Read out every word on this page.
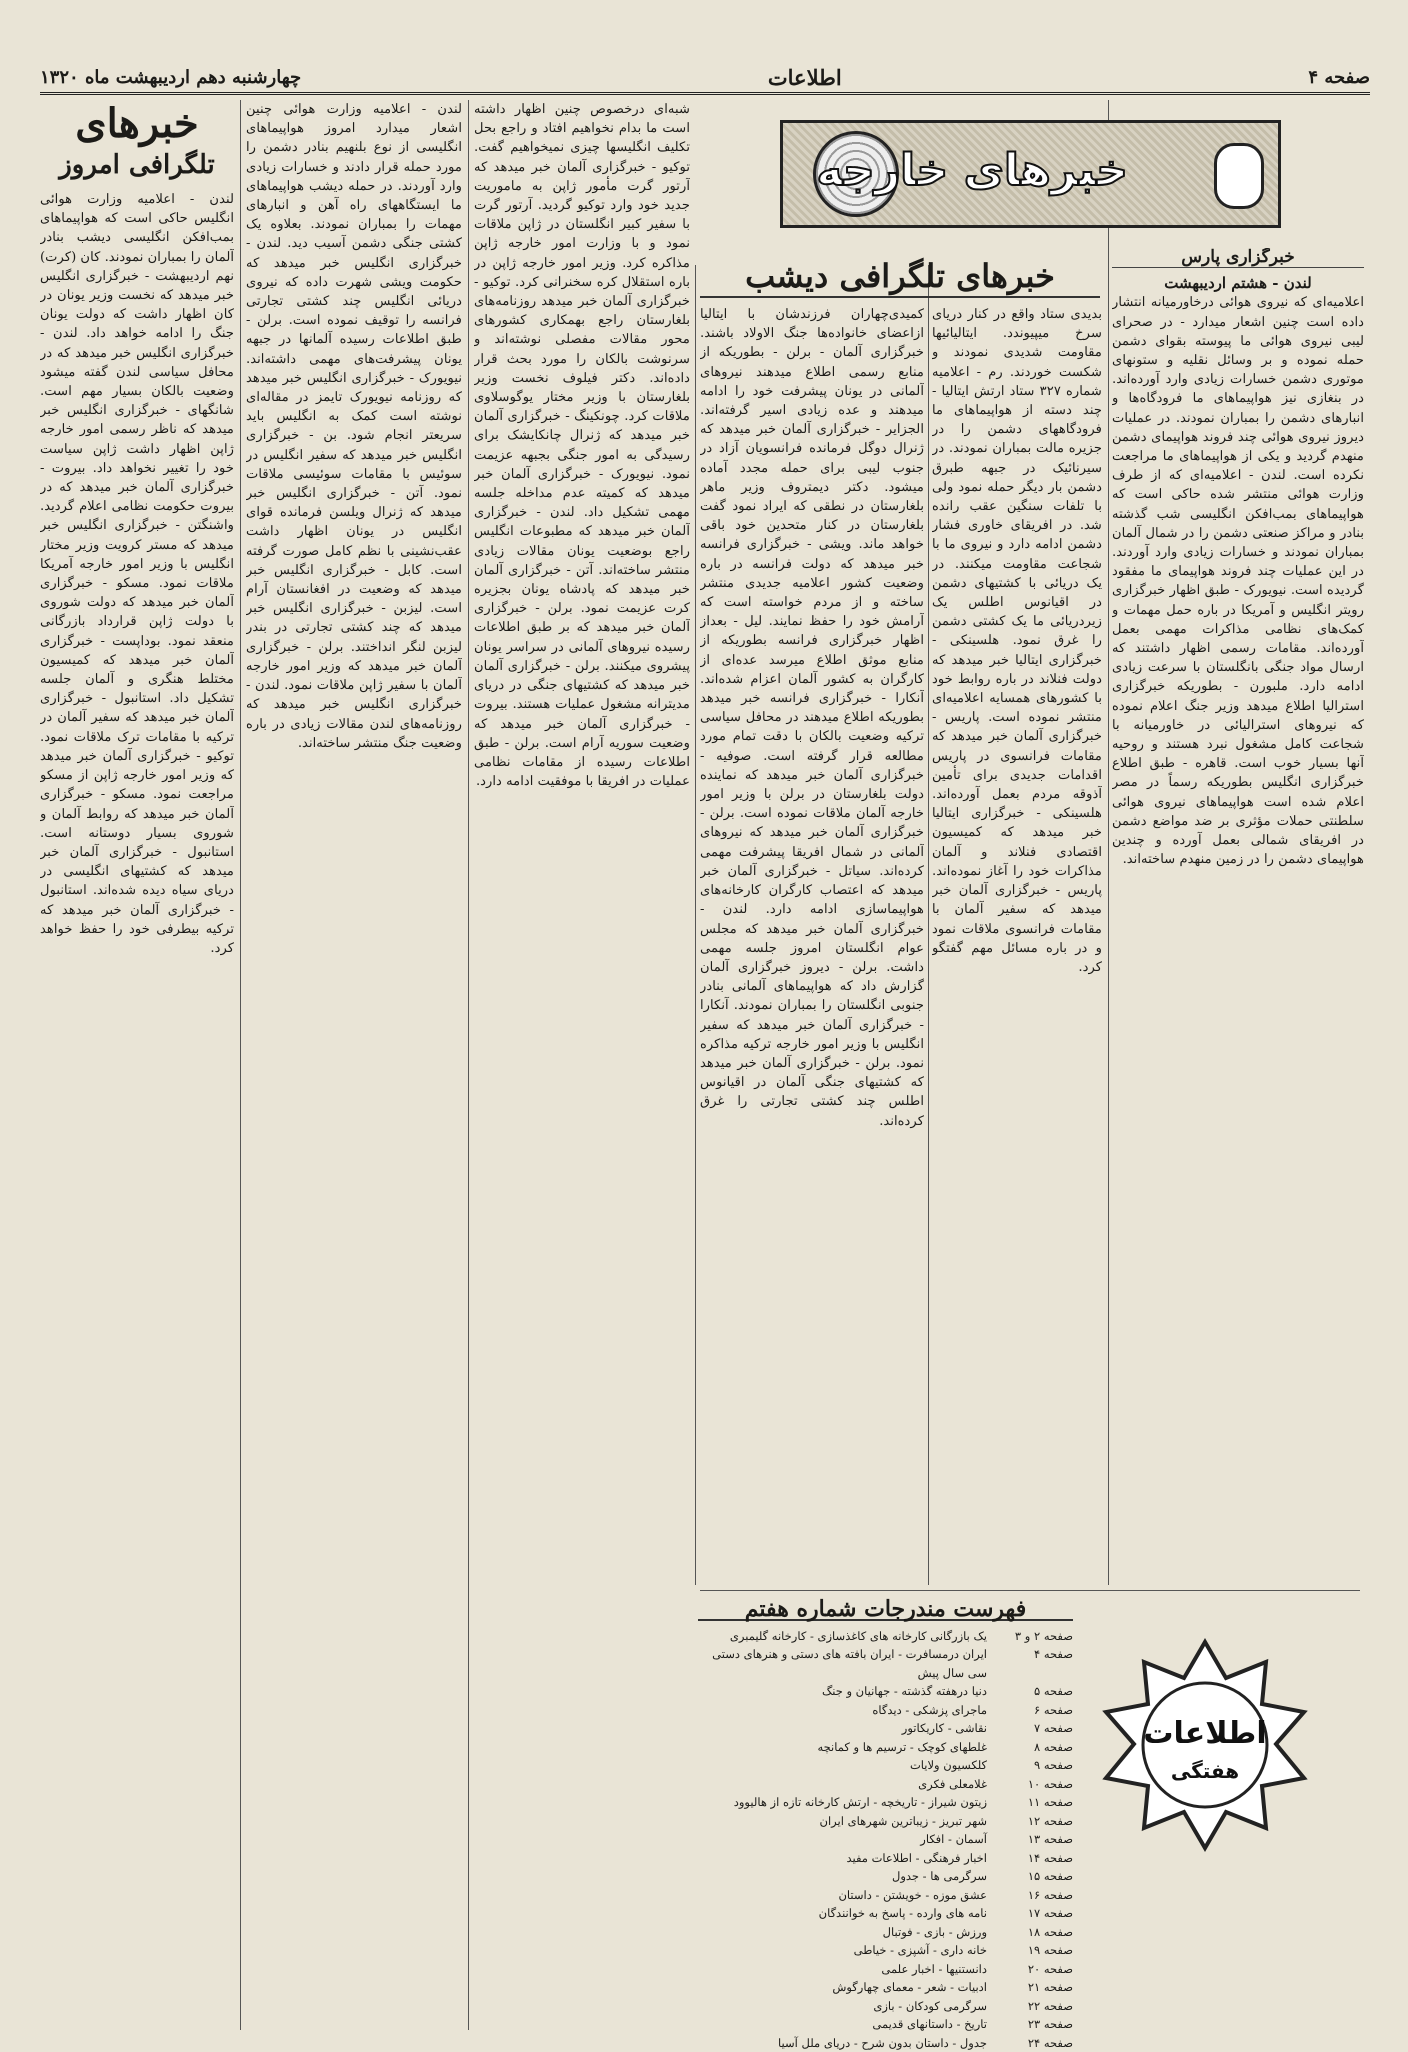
صفحه ۴
اطلاعات
چهارشنبه دهم اردیبهشت ماه ۱۳۲۰
خبرهای خارجه
خبرگزاری پارس
لندن - هشتم اردیبهشت

اعلامیه‌ای که نیروی هوائی درخاورمیانه انتشار داده است چنین اشعار میدارد - در صحرای لیبی نیروی هوائی ما پیوسته بقوای دشمن حمله نموده و بر وسائل نقلیه و ستونهای موتوری دشمن خسارات زیادی وارد آورده‌اند. در بنغازی نیز هواپیماهای ما فرودگاه‌ها و انبارهای دشمن را بمباران نمودند. در عملیات دیروز نیروی هوائی چند فروند هواپیمای دشمن منهدم گردید و یکی از هواپیماهای ما مراجعت نکرده است. لندن - اعلامیه‌ای که از طرف وزارت هوائی منتشر شده حاکی است که هواپیماهای بمب‌افکن انگلیسی شب گذشته بنادر و مراکز صنعتی دشمن را در شمال آلمان بمباران نمودند و خسارات زیادی وارد آوردند. در این عملیات چند فروند هواپیمای ما مفقود گردیده است. نیویورک - طبق اظهار خبرگزاری رویتر انگلیس و آمریکا در باره حمل مهمات و کمک‌های نظامی مذاکرات مهمی بعمل آورده‌اند. مقامات رسمی اظهار داشتند که ارسال مواد جنگی بانگلستان با سرعت زیادی ادامه دارد. ملبورن - بطوریکه خبرگزاری استرالیا اطلاع میدهد وزیر جنگ اعلام نموده که نیروهای استرالیائی در خاورمیانه با شجاعت کامل مشغول نبرد هستند و روحیه آنها بسیار خوب است. قاهره - طبق اطلاع خبرگزاری انگلیس بطوریکه رسماً در مصر اعلام شده است هواپیماهای نیروی هوائی سلطنتی حملات مؤثری بر ضد مواضع دشمن در افریقای شمالی بعمل آورده و چندین هواپیمای دشمن را در زمین منهدم ساخته‌اند.

خبرهای تلگرافی دیشب

بدیدی ستاد واقع در کنار دریای سرخ میپیوندد. ایتالیائیها مقاومت شدیدی نمودند و شکست خوردند. رم - اعلامیه شماره ۳۲۷ ستاد ارتش ایتالیا - چند دسته از هواپیماهای ما فرودگاههای دشمن را در جزیره مالت بمباران نمودند. در سیرنائیک در جبهه طبرق دشمن بار دیگر حمله نمود ولی با تلفات سنگین عقب رانده شد. در افریقای خاوری فشار دشمن ادامه دارد و نیروی ما با شجاعت مقاومت میکنند. در یک دریائی با کشتیهای دشمن در اقیانوس اطلس یک زیردریائی ما یک کشتی دشمن را غرق نمود. هلسینکی - خبرگزاری ایتالیا خبر میدهد که دولت فنلاند در باره روابط خود با کشورهای همسایه اعلامیه‌ای منتشر نموده است. پاریس - خبرگزاری آلمان خبر میدهد که مقامات فرانسوی در پاریس اقدامات جدیدی برای تأمین آذوقه مردم بعمل آورده‌اند. هلسینکی - خبرگزاری ایتالیا خبر میدهد که کمیسیون اقتصادی فنلاند و آلمان مذاکرات خود را آغاز نموده‌اند. پاریس - خبرگزاری آلمان خبر میدهد که سفیر آلمان با مقامات فرانسوی ملاقات نمود و در باره مسائل مهم گفتگو کرد.

کمیدی‌چهاران فرزندشان با ایتالیا ازاعضای خانواده‌ها جنگ الاولاد باشند. خبرگزاری آلمان - برلن - بطوریکه از منابع رسمی اطلاع میدهند نیروهای آلمانی در یونان پیشرفت خود را ادامه میدهند و عده زیادی اسیر گرفته‌اند. الجزایر - خبرگزاری آلمان خبر میدهد که ژنرال دوگل فرمانده فرانسویان آزاد در جنوب لیبی برای حمله مجدد آماده میشود. دکتر دیمتروف وزیر ماهر بلغارستان در نطقی که ایراد نمود گفت بلغارستان در کنار متحدین خود باقی خواهد ماند. ویشی - خبرگزاری فرانسه خبر میدهد که دولت فرانسه در باره وضعیت کشور اعلامیه جدیدی منتشر ساخته و از مردم خواسته است که آرامش خود را حفظ نمایند. لیل - بعداز اظهار خبرگزاری فرانسه بطوریکه از منابع موثق اطلاع میرسد عده‌ای از کارگران به کشور آلمان اعزام شده‌اند. آنکارا - خبرگزاری فرانسه خبر میدهد بطوریکه اطلاع میدهند در محافل سیاسی ترکیه وضعیت بالکان با دقت تمام مورد مطالعه قرار گرفته است. صوفیه - خبرگزاری آلمان خبر میدهد که نماینده دولت بلغارستان در برلن با وزیر امور خارجه آلمان ملاقات نموده است. برلن - خبرگزاری آلمان خبر میدهد که نیروهای آلمانی در شمال افریقا پیشرفت مهمی کرده‌اند. سیاتل - خبرگزاری آلمان خبر میدهد که اعتصاب کارگران کارخانه‌های هواپیماسازی ادامه دارد. لندن - خبرگزاری آلمان خبر میدهد که مجلس عوام انگلستان امروز جلسه مهمی داشت. برلن - دیروز خبرگزاری آلمان گزارش داد که هواپیماهای آلمانی بنادر جنوبی انگلستان را بمباران نمودند. آنکارا - خبرگزاری آلمان خبر میدهد که سفیر انگلیس با وزیر امور خارجه ترکیه مذاکره نمود. برلن - خبرگزاری آلمان خبر میدهد که کشتیهای جنگی آلمان در اقیانوس اطلس چند کشتی تجارتی را غرق کرده‌اند.

شبه‌ای درخصوص چنین اظهار داشته است ما بدام نخواهیم افتاد و راجع بحل تکلیف انگلیسها چیزی نمیخواهیم گفت. توکیو - خبرگزاری آلمان خبر میدهد که آرتور گرت مأمور ژاپن به ماموریت جدید خود وارد توکیو گردید. آرتور گرت با سفیر کبیر انگلستان در ژاپن ملاقات نمود و با وزارت امور خارجه ژاپن مذاکره کرد. وزیر امور خارجه ژاپن در باره استقلال کره سخنرانی کرد. توکیو - خبرگزاری آلمان خبر میدهد روزنامه‌های بلغارستان راجع بهمکاری کشورهای محور مقالات مفصلی نوشته‌اند و سرنوشت بالکان را مورد بحث قرار داده‌اند. دکتر فیلوف نخست وزیر بلغارستان با وزیر مختار یوگوسلاوی ملاقات کرد. چونکینگ - خبرگزاری آلمان خبر میدهد که ژنرال چانکایشک برای رسیدگی به امور جنگی بجبهه عزیمت نمود. نیویورک - خبرگزاری آلمان خبر میدهد که کمیته عدم مداخله جلسه مهمی تشکیل داد. لندن - خبرگزاری آلمان خبر میدهد که مطبوعات انگلیس راجع بوضعیت یونان مقالات زیادی منتشر ساخته‌اند. آتن - خبرگزاری آلمان خبر میدهد که پادشاه یونان بجزیره کرت عزیمت نمود. برلن - خبرگزاری آلمان خبر میدهد که بر طبق اطلاعات رسیده نیروهای آلمانی در سراسر یونان پیشروی میکنند. برلن - خبرگزاری آلمان خبر میدهد که کشتیهای جنگی در دریای مدیترانه مشغول عملیات هستند. بیروت - خبرگزاری آلمان خبر میدهد که وضعیت سوریه آرام است. برلن - طبق اطلاعات رسیده از مقامات نظامی عملیات در افریقا با موفقیت ادامه دارد.

لندن - اعلامیه وزارت هوائی چنین اشعار میدارد امروز هواپیماهای انگلیسی از نوع بلنهیم بنادر دشمن را مورد حمله قرار دادند و خسارات زیادی وارد آوردند. در حمله دیشب هواپیماهای ما ایستگاههای راه آهن و انبارهای مهمات را بمباران نمودند. بعلاوه یک کشتی جنگی دشمن آسیب دید. لندن - خبرگزاری انگلیس خبر میدهد که حکومت ویشی شهرت داده که نیروی دریائی انگلیس چند کشتی تجارتی فرانسه را توقیف نموده است. برلن - طبق اطلاعات رسیده آلمانها در جبهه یونان پیشرفت‌های مهمی داشته‌اند. نیویورک - خبرگزاری انگلیس خبر میدهد که روزنامه نیویورک تایمز در مقاله‌ای نوشته است کمک به انگلیس باید سریعتر انجام شود. بن - خبرگزاری انگلیس خبر میدهد که سفیر انگلیس در سوئیس با مقامات سوئیسی ملاقات نمود. آتن - خبرگزاری انگلیس خبر میدهد که ژنرال ویلسن فرمانده قوای انگلیس در یونان اظهار داشت عقب‌نشینی با نظم کامل صورت گرفته است. کابل - خبرگزاری انگلیس خبر میدهد که وضعیت در افغانستان آرام است. لیزبن - خبرگزاری انگلیس خبر میدهد که چند کشتی تجارتی در بندر لیزبن لنگر انداختند. برلن - خبرگزاری آلمان خبر میدهد که وزیر امور خارجه آلمان با سفیر ژاپن ملاقات نمود. لندن - خبرگزاری انگلیس خبر میدهد که روزنامه‌های لندن مقالات زیادی در باره وضعیت جنگ منتشر ساخته‌اند.

خبرهای
تلگرافی امروز

لندن - اعلامیه وزارت هوائی انگلیس حاکی است که هواپیماهای بمب‌افکن انگلیسی دیشب بنادر آلمان را بمباران نمودند. کان (کرت) نهم اردیبهشت - خبرگزاری انگلیس خبر میدهد که نخست وزیر یونان در کان اظهار داشت که دولت یونان جنگ را ادامه خواهد داد. لندن - خبرگزاری انگلیس خبر میدهد که در محافل سیاسی لندن گفته میشود وضعیت بالکان بسیار مهم است. شانگهای - خبرگزاری انگلیس خبر میدهد که ناظر رسمی امور خارجه ژاپن اظهار داشت ژاپن سیاست خود را تغییر نخواهد داد. بیروت - خبرگزاری آلمان خبر میدهد که در بیروت حکومت نظامی اعلام گردید. واشنگتن - خبرگزاری انگلیس خبر میدهد که مستر کرویت وزیر مختار انگلیس با وزیر امور خارجه آمریکا ملاقات نمود. مسکو - خبرگزاری آلمان خبر میدهد که دولت شوروی با دولت ژاپن قرارداد بازرگانی منعقد نمود. بوداپست - خبرگزاری آلمان خبر میدهد که کمیسیون مختلط هنگری و آلمان جلسه تشکیل داد. استانبول - خبرگزاری آلمان خبر میدهد که سفیر آلمان در ترکیه با مقامات ترک ملاقات نمود. توکیو - خبرگزاری آلمان خبر میدهد که وزیر امور خارجه ژاپن از مسکو مراجعت نمود. مسکو - خبرگزاری آلمان خبر میدهد که روابط آلمان و شوروی بسیار دوستانه است. استانبول - خبرگزاری آلمان خبر میدهد که کشتیهای انگلیسی در دریای سیاه دیده شده‌اند. استانبول - خبرگزاری آلمان خبر میدهد که ترکیه بیطرفی خود را حفظ خواهد کرد.

فهرست مندرجات شماره هفتم
صفحه ۲ و ۳
یک بازرگانی کارخانه های کاغذسازی - کارخانه گلیمبری
صفحه ۴
ایران درمسافرت - ایران بافته های دستی و هنرهای دستی سی سال پیش
صفحه ۵
دنیا درهفته گذشته - جهانیان و جنگ
صفحه ۶
ماجرای پزشکی - دیدگاه
صفحه ۷
نقاشی - کاریکاتور
صفحه ۸
غلطهای کوچک - ترسیم ها و کمانچه
صفحه ۹
کلکسیون ولایات
صفحه ۱۰
غلامعلی فکری
صفحه ۱۱
زیتون شیراز - تاریخچه - ارتش کارخانه تازه از هالیوود
صفحه ۱۲
شهر تبریز - زیباترین شهرهای ایران
صفحه ۱۳
آسمان - افکار
صفحه ۱۴
اخبار فرهنگی - اطلاعات مفید
صفحه ۱۵
سرگرمی ها - جدول
صفحه ۱۶
عشق موزه - خویشتن - داستان
صفحه ۱۷
نامه های وارده - پاسخ به خوانندگان
صفحه ۱۸
ورزش - بازی - فوتبال
صفحه ۱۹
خانه داری - آشپزی - خیاطی
صفحه ۲۰
دانستنیها - اخبار علمی
صفحه ۲۱
ادبیات - شعر - معمای چهارگوش
صفحه ۲۲
سرگرمی کودکان - بازی
صفحه ۲۳
تاریخ - داستانهای قدیمی
صفحه ۲۴
جدول - داستان بدون شرح - دریای ملل آسیا
اطلاعات
هفتگی
